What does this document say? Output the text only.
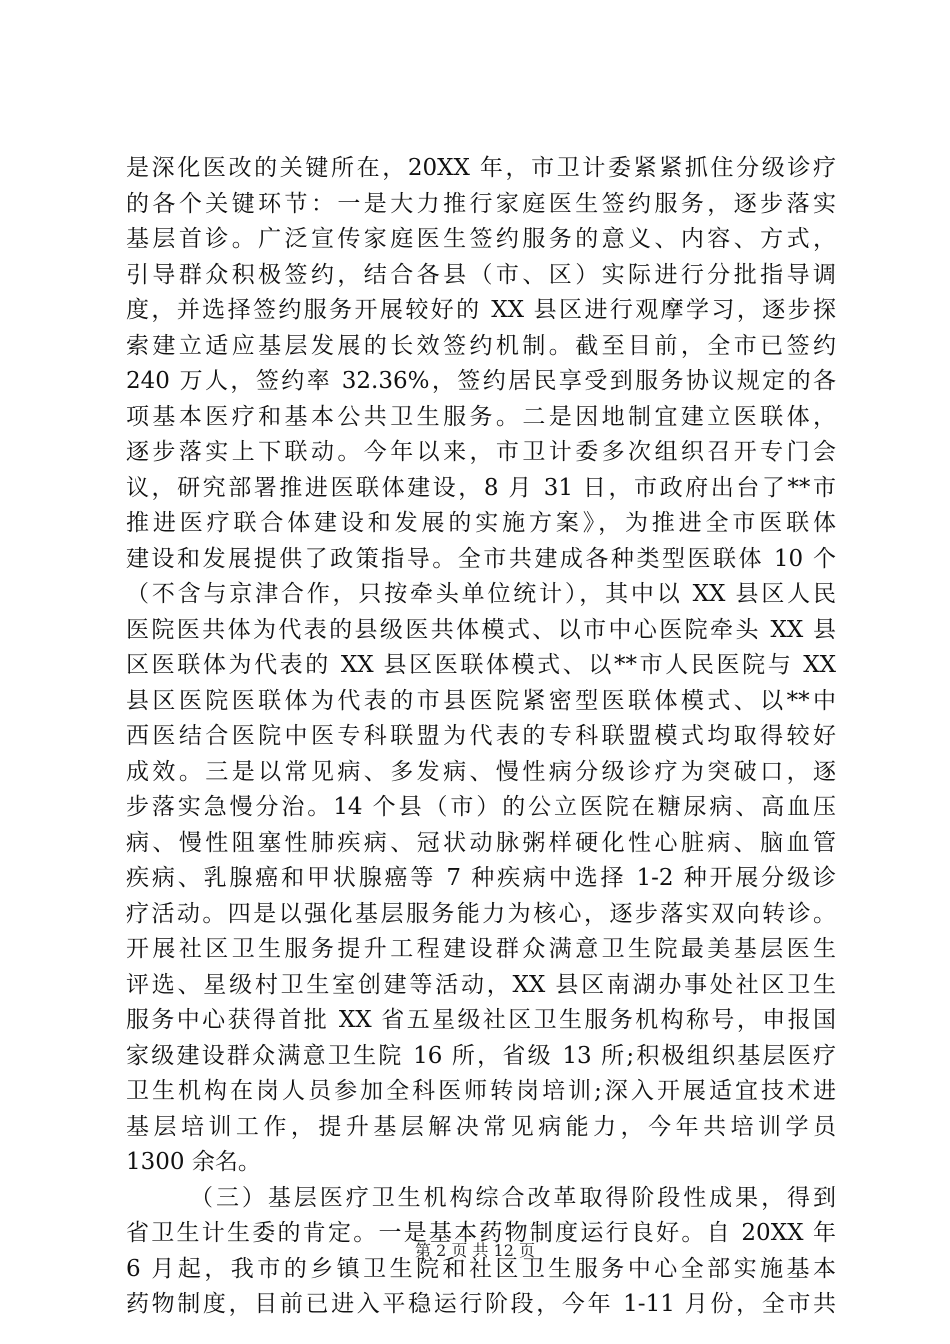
是深化医改的关键所在，20XX 年，市卫计委紧紧抓住分级诊疗
的各个关键环节：一是大力推行家庭医生签约服务，逐步落实
基层首诊。广泛宣传家庭医生签约服务的意义、内容、方式，
引导群众积极签约，结合各县（市、区）实际进行分批指导调
度，并选择签约服务开展较好的 XX 县区进行观摩学习，逐步探
索建立适应基层发展的长效签约机制。截至目前，全市已签约
240 万人，签约率 32.36%，签约居民享受到服务协议规定的各
项基本医疗和基本公共卫生服务。二是因地制宜建立医联体，
逐步落实上下联动。今年以来，市卫计委多次组织召开专门会
议，研究部署推进医联体建设，8 月 31 日，市政府出台了**市
推进医疗联合体建设和发展的实施方案》，为推进全市医联体
建设和发展提供了政策指导。全市共建成各种类型医联体 10 个
（不含与京津合作，只按牵头单位统计），其中以 XX 县区人民
医院医共体为代表的县级医共体模式、以市中心医院牵头 XX 县
区医联体为代表的 XX 县区医联体模式、以**市人民医院与 XX
县区医院医联体为代表的市县医院紧密型医联体模式、以**中
西医结合医院中医专科联盟为代表的专科联盟模式均取得较好
成效。三是以常见病、多发病、慢性病分级诊疗为突破口，逐
步落实急慢分治。14 个县（市）的公立医院在糖尿病、高血压
病、慢性阻塞性肺疾病、冠状动脉粥样硬化性心脏病、脑血管
疾病、乳腺癌和甲状腺癌等 7 种疾病中选择 1-2 种开展分级诊
疗活动。四是以强化基层服务能力为核心，逐步落实双向转诊。
开展社区卫生服务提升工程建设群众满意卫生院最美基层医生
评选、星级村卫生室创建等活动，XX 县区南湖办事处社区卫生
服务中心获得首批 XX 省五星级社区卫生服务机构称号，申报国
家级建设群众满意卫生院 16 所，省级 13 所;积极组织基层医疗
卫生机构在岗人员参加全科医师转岗培训;深入开展适宜技术进
基层培训工作，提升基层解决常见病能力，今年共培训学员
1300 余名。
（三）基层医疗卫生机构综合改革取得阶段性成果，得到
省卫生计生委的肯定。一是基本药物制度运行良好。自 20XX 年
6 月起，我市的乡镇卫生院和社区卫生服务中心全部实施基本
药物制度，目前已进入平稳运行阶段，今年 1-11 月份，全市共
第 2 页 共 12 页
